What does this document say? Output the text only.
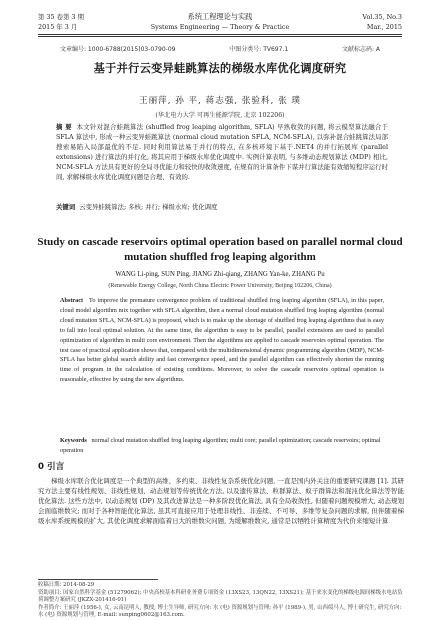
第 35 卷第 3 期	系统工程理论与实践	Vol.35, No.3
2015 年 3 月	Systems Engineering — Theory & Practice	Mar., 2015
文章编号: 1000-6788(2015)03-0790-09	中图分类号: TV697.1	文献标志码: A
基于并行云变异蛙跳算法的梯级水库优化调度研究
王丽萍, 孙 平, 蒋志强, 张验科, 张 璞
(华北电力大学 可再生能源学院, 北京 102206)
摘 要 本文针对混合蛙跳算法 (shuffled frog leaping algorithm, SFLA) 早熟收敛的问题, 将云模型算法融合于 SFLA 算法中, 形成一种云变异蛙跳算法 (normal cloud mutation SFLA, NCM-SFLA), 以弥补混合蛙跳算法局部搜索易陷入局部最优的不足. 同时利用算法易于并行的特点, 在多核环境下基于.NET4 的并行拓展库 (parallel extensions) 进行算法的并行化, 将其应用于梯级水库优化调度中. 实例计算表明, 与多维动态规划算法 (MDP) 相比, NCM-SFLA 方法具有更好的全局寻优能力和较快的收敛速度, 在规有的计算条件下谋并行算法能有效缩短程序运行时间, 求解梯级水库优化调度问题是合理、有效的.
关键词 云变异蛙跳算法; 多核; 并行; 梯级水库; 优化调度
Study on cascade reservoirs optimal operation based on parallel normal cloud mutation shuffled frog leaping algorithm
WANG Li-ping, SUN Ping, JIANG Zhi-qiang, ZHANG Yan-ke, ZHANG Pu
(Renewable Energy College, North China Electric Power University, Beijing 102206, China)
Abstract To improve the premature convergence problem of traditional shuffled frog leaping algorithm (SFLA), in this paper, cloud model algorithm mix together with SFLA algorithm, then a normal cloud mutation shuffled frog leaping algorithm (normal cloud mutation SFLA, NCM-SFLA) is proposed, which is to make up the shortage of shuffled frog leaping algorithms that is easy to fall into local optimal solution. At the same time, the algorithm is easy to be parallel, parallel extensions are used to parallel optimization of algorithm in multi core environment. Then the algorithms are applied to cascade reservoirs optimal operation. The test case of practical application shows that, compared with the multidimensional dynamic programming algorithm (MDP), NCM-SFLA has better global search ability and fast convergence speed, and the parallel algorithm can effectively shorten the running time of program in the calculation of existing conditions. Moreover, to solve the cascade reservoirs optimal operation is reasonable, effective by using the new algorithms.
Keywords normal cloud mutation shuffled frog leaping algorithm; multi core; parallel optimization; cascade reservoirs; optimal operation
0 引言
梯级水库联合优化调度是一个典型的高维、多约束、非线性复杂系统优化问题, 一直是国内外关注的重要研究课题 [1]. 其研究方法主要有线性规划、非线性规划、动态规划等传统优化方法, 以及遗传算法、粒群算法、蚁子群算法和混沌优化算法等智能优化算法. 这些方法中, 以动态规划 (DP) 及其改进算法是一种多阶段优化算法, 具有全局收敛性, 但随着问题规模增大, 动态规划会面临维数灾; 而对于各种智能优化算法, 虽其可直接应用于处理非线性、非连续、不可导、多维等复杂问题的求解, 但伴随着梯级水库系统规模的扩大, 其优化调度求解面临着日大的维数灾问题, 为缓解维数灾, 通常是以牺牲计算精度为代价来缩短计算
收稿日期: 2014-08-29
资助项目: 国家自然科学基金 (51279062); 中央高校基本科研业务费专项资金 (13XS23, 13QN22, 13XS21); 基于来水变化的梯级电源间梯级水电站负荷调整方案研究 (JKZX-201416-01)
作者简介: 王丽萍 (1956-), 女, 云南昆明人, 教授, 博士生导师, 研究方向: 水 (电) 资源规划与管理; 孙平 (1989-), 男, 山西绥马人, 博士研究生, 研究方向: 水 (电) 资源规划与管理, E-mail: sunping0602@163.com.
